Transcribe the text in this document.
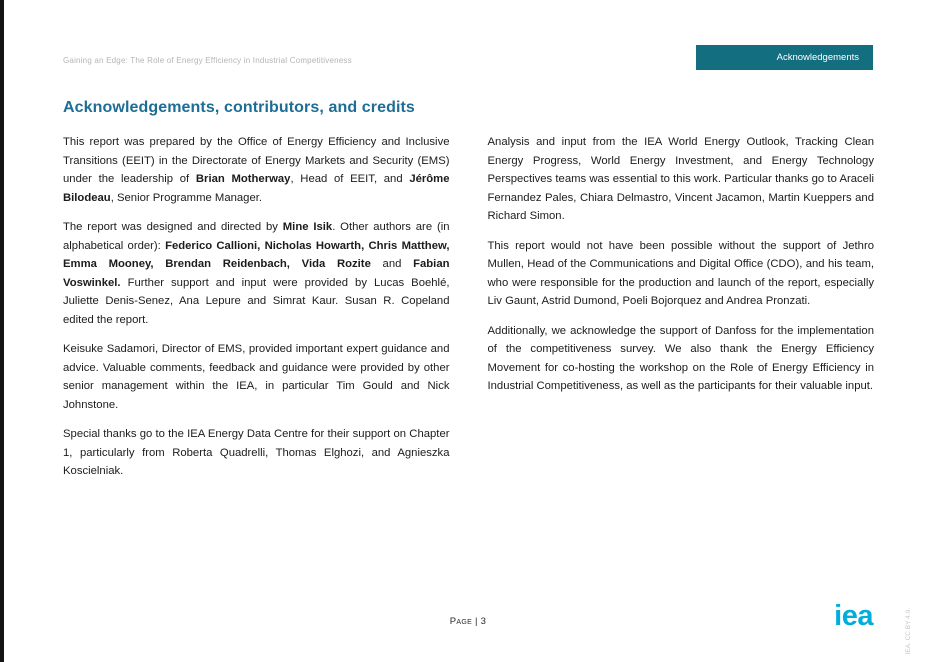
Gaining an Edge: The Role of Energy Efficiency in Industrial Competitiveness	Acknowledgements
Acknowledgements, contributors, and credits

This report was prepared by the Office of Energy Efficiency and Inclusive Transitions (EEIT) in the Directorate of Energy Markets and Security (EMS) under the leadership of Brian Motherway, Head of EEIT, and Jérôme Bilodeau, Senior Programme Manager.

The report was designed and directed by Mine Isik. Other authors are (in alphabetical order): Federico Callioni, Nicholas Howarth, Chris Matthew, Emma Mooney, Brendan Reidenbach, Vida Rozite and Fabian Voswinkel. Further support and input were provided by Lucas Boehlé, Juliette Denis-Senez, Ana Lepure and Simrat Kaur. Susan R. Copeland edited the report.

Keisuke Sadamori, Director of EMS, provided important expert guidance and advice. Valuable comments, feedback and guidance were provided by other senior management within the IEA, in particular Tim Gould and Nick Johnstone.

Special thanks go to the IEA Energy Data Centre for their support on Chapter 1, particularly from Roberta Quadrelli, Thomas Elghozi, and Agnieszka Koscielniak.

Analysis and input from the IEA World Energy Outlook, Tracking Clean Energy Progress, World Energy Investment, and Energy Technology Perspectives teams was essential to this work. Particular thanks go to Araceli Fernandez Pales, Chiara Delmastro, Vincent Jacamon, Martin Kueppers and Richard Simon.

This report would not have been possible without the support of Jethro Mullen, Head of the Communications and Digital Office (CDO), and his team, who were responsible for the production and launch of the report, especially Liv Gaunt, Astrid Dumond, Poeli Bojorquez and Andrea Pronzati.

Additionally, we acknowledge the support of Danfoss for the implementation of the competitiveness survey. We also thank the Energy Efficiency Movement for co-hosting the workshop on the Role of Energy Efficiency in Industrial Competitiveness, as well as the participants for their valuable input.

Page | 3	iea	IEA. CC BY 4.0.
